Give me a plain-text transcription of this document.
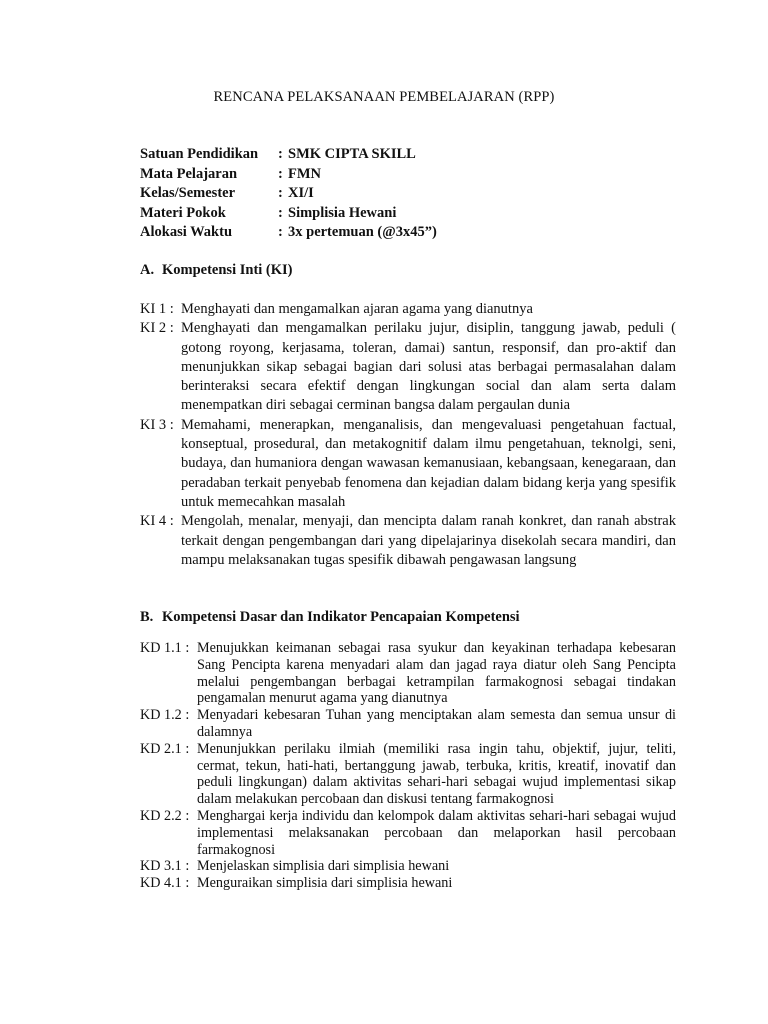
RENCANA PELAKSANAAN PEMBELAJARAN (RPP)
Satuan Pendidikan	: SMK CIPTA SKILL
Mata Pelajaran	: FMN
Kelas/Semester	: XI/I
Materi Pokok	: Simplisia Hewani
Alokasi Waktu	: 3x pertemuan (@3x45”)
A. Kompetensi Inti (KI)
KI 1 : Menghayati dan mengamalkan ajaran agama yang dianutnya
KI 2 : Menghayati dan mengamalkan perilaku jujur, disiplin, tanggung jawab, peduli ( gotong royong, kerjasama, toleran, damai) santun, responsif, dan pro-aktif dan menunjukkan sikap sebagai bagian dari solusi atas berbagai permasalahan dalam berinteraksi secara efektif dengan lingkungan social dan alam serta dalam menempatkan diri sebagai cerminan bangsa dalam pergaulan dunia
KI 3 : Memahami, menerapkan, menganalisis, dan mengevaluasi pengetahuan factual, konseptual, prosedural, dan metakognitif dalam ilmu pengetahuan, teknolgi, seni, budaya, dan humaniora dengan wawasan kemanusiaan, kebangsaan, kenegaraan, dan peradaban terkait penyebab fenomena dan kejadian dalam bidang kerja yang spesifik untuk memecahkan masalah
KI 4 : Mengolah, menalar, menyaji, dan mencipta dalam ranah konkret, dan ranah abstrak terkait dengan pengembangan dari yang dipelajarinya disekolah secara mandiri, dan mampu melaksanakan tugas spesifik dibawah pengawasan langsung
B. Kompetensi Dasar dan Indikator Pencapaian Kompetensi
KD 1.1 : Menujukkan keimanan sebagai rasa syukur dan keyakinan terhadapa kebesaran Sang Pencipta karena menyadari alam dan jagad raya diatur oleh Sang Pencipta melalui pengembangan berbagai ketrampilan farmakognosi sebagai tindakan pengamalan menurut agama yang dianutnya
KD 1.2 : Menyadari kebesaran Tuhan yang menciptakan alam semesta dan semua unsur di dalamnya
KD 2.1 : Menunjukkan perilaku ilmiah (memiliki rasa ingin tahu, objektif, jujur, teliti, cermat, tekun, hati-hati, bertanggung jawab, terbuka, kritis, kreatif, inovatif dan peduli lingkungan) dalam aktivitas sehari-hari sebagai wujud implementasi sikap dalam melakukan percobaan dan diskusi tentang farmakognosi
KD 2.2 : Menghargai kerja individu dan kelompok dalam aktivitas sehari-hari sebagai wujud implementasi melaksanakan percobaan dan melaporkan hasil percobaan farmakognosi
KD 3.1 : Menjelaskan simplisia dari simplisia hewani
KD 4.1 : Menguraikan simplisia dari simplisia hewani
